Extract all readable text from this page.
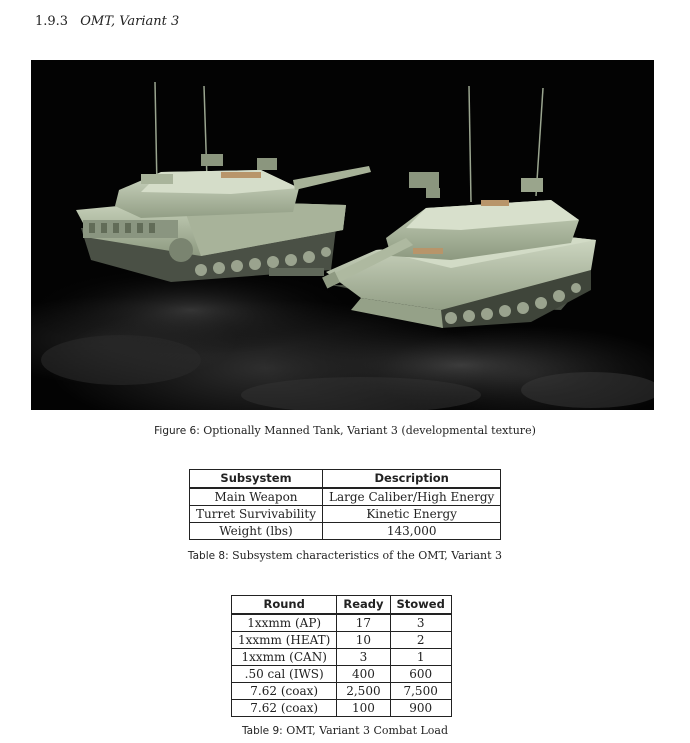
1.9.3 OMT, Variant 3
Figure 6: Optionally Manned Tank, Variant 3 (developmental texture)
Subsystem	Description
Main Weapon	Large Caliber/High Energy
Turret Survivability	Kinetic Energy
Weight (lbs)	143,000
Table 8: Subsystem characteristics of the OMT, Variant 3
Round	Ready	Stowed
1xxmm (AP)	17	3
1xxmm (HEAT)	10	2
1xxmm (CAN)	3	1
.50 cal (IWS)	400	600
7.62 (coax)	2,500	7,500
7.62 (coax)	100	900
Table 9: OMT, Variant 3 Combat Load
